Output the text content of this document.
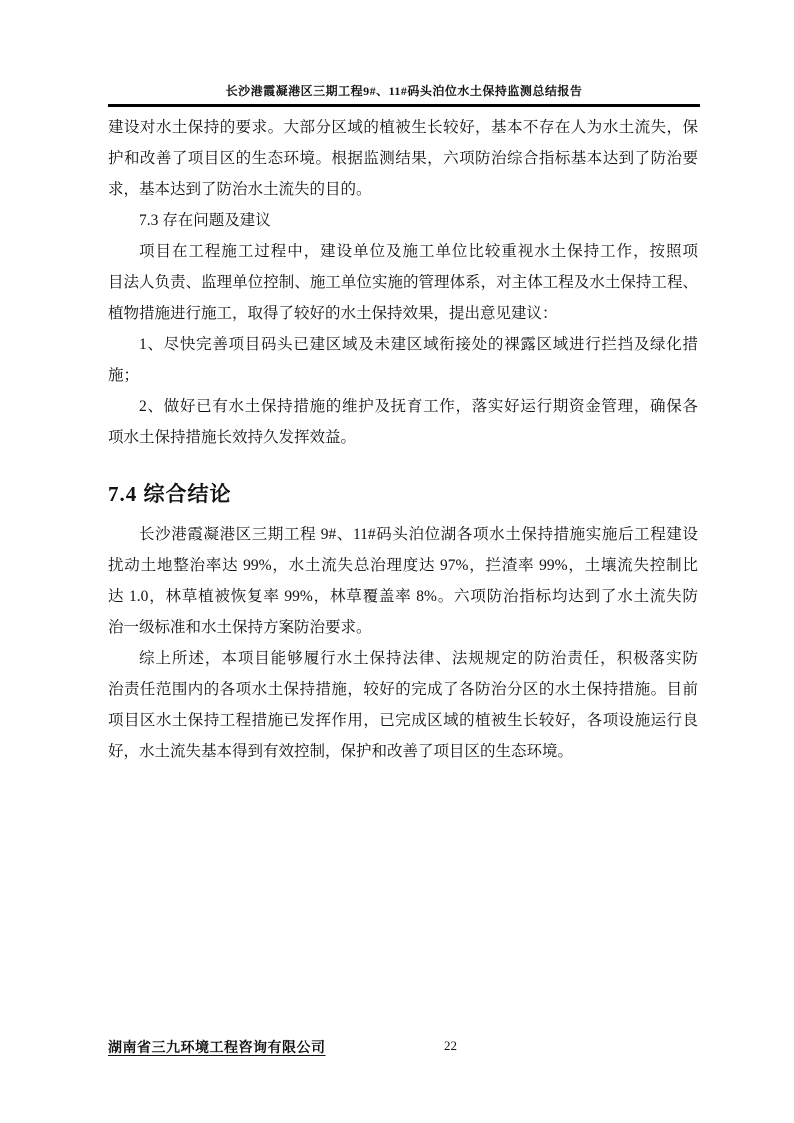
长沙港霞凝港区三期工程9#、11#码头泊位水土保持监测总结报告
建设对水土保持的要求。大部分区域的植被生长较好，基本不存在人为水土流失，保
护和改善了项目区的生态环境。根据监测结果，六项防治综合指标基本达到了防治要
求，基本达到了防治水土流失的目的。
7.3 存在问题及建议
项目在工程施工过程中，建设单位及施工单位比较重视水土保持工作，按照项
目法人负责、监理单位控制、施工单位实施的管理体系，对主体工程及水土保持工程、
植物措施进行施工，取得了较好的水土保持效果，提出意见建议：
1、尽快完善项目码头已建区域及未建区域衔接处的裸露区域进行拦挡及绿化措
施；
2、做好已有水土保持措施的维护及抚育工作，落实好运行期资金管理，确保各
项水土保持措施长效持久发挥效益。
7.4 综合结论
长沙港霞凝港区三期工程 9#、11#码头泊位湖各项水土保持措施实施后工程建设
扰动土地整治率达 99%，水土流失总治理度达 97%，拦渣率 99%，土壤流失控制比
达 1.0，林草植被恢复率 99%，林草覆盖率 8%。六项防治指标均达到了水土流失防
治一级标准和水土保持方案防治要求。
综上所述，本项目能够履行水土保持法律、法规规定的防治责任，积极落实防
治责任范围内的各项水土保持措施，较好的完成了各防治分区的水土保持措施。目前
项目区水土保持工程措施已发挥作用，已完成区域的植被生长较好，各项设施运行良
好，水土流失基本得到有效控制，保护和改善了项目区的生态环境。
湖南省三九环境工程咨询有限公司	22
